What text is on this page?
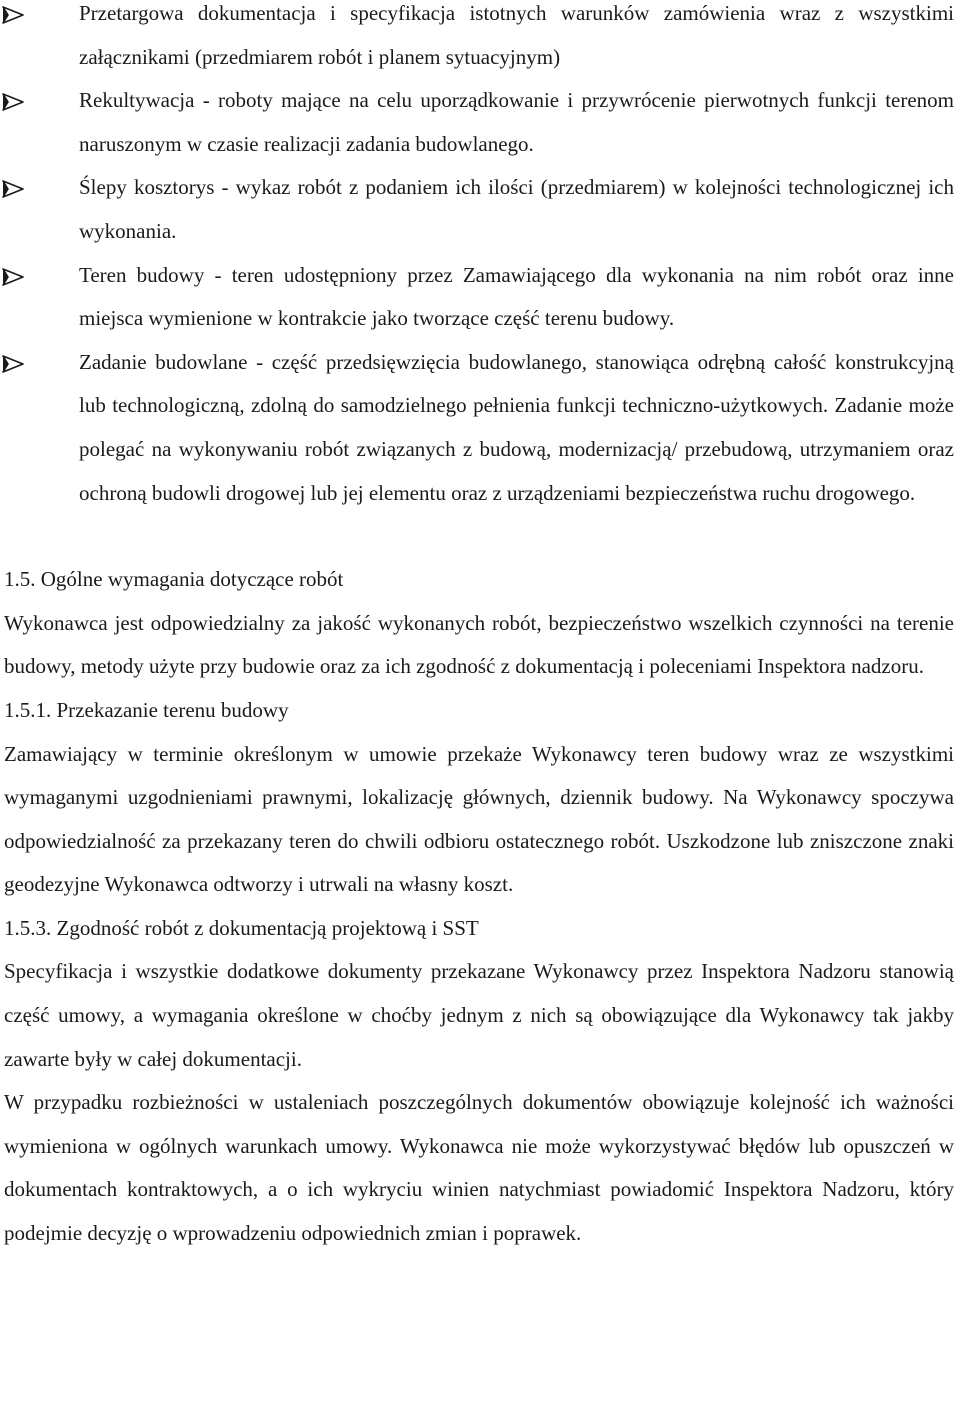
Przetargowa dokumentacja i specyfikacja istotnych warunków zamówienia wraz z wszystkimi załącznikami (przedmiarem robót i planem sytuacyjnym)
Rekultywacja - roboty mające na celu uporządkowanie i przywrócenie pierwotnych funkcji terenom naruszonym w czasie realizacji zadania budowlanego.
Ślepy kosztorys - wykaz robót z podaniem ich ilości (przedmiarem) w kolejności technologicznej ich wykonania.
Teren budowy - teren udostępniony przez Zamawiającego dla wykonania na nim robót oraz inne miejsca wymienione w kontrakcie jako tworzące część terenu budowy.
Zadanie budowlane - część przedsięwzięcia budowlanego, stanowiąca odrębną całość konstrukcyjną lub technologiczną, zdolną do samodzielnego pełnienia funkcji techniczno-użytkowych. Zadanie może polegać na wykonywaniu robót związanych z budową, modernizacją/ przebudową, utrzymaniem oraz ochroną budowli drogowej lub jej elementu oraz z urządzeniami bezpieczeństwa ruchu drogowego.
1.5. Ogólne wymagania dotyczące robót
Wykonawca jest odpowiedzialny za jakość wykonanych robót, bezpieczeństwo wszelkich czynności na terenie budowy, metody użyte przy budowie oraz za ich zgodność z dokumentacją i poleceniami Inspektora nadzoru.
1.5.1. Przekazanie terenu budowy
Zamawiający w terminie określonym w umowie przekaże Wykonawcy teren budowy wraz ze wszystkimi wymaganymi uzgodnieniami prawnymi, lokalizację głównych, dziennik budowy. Na Wykonawcy spoczywa odpowiedzialność za przekazany teren do chwili odbioru ostatecznego robót. Uszkodzone lub zniszczone znaki geodezyjne Wykonawca odtworzy i utrwali na własny koszt.
1.5.3. Zgodność robót z dokumentacją projektową i SST
Specyfikacja i wszystkie dodatkowe dokumenty przekazane Wykonawcy przez Inspektora Nadzoru stanowią część umowy, a wymagania określone w choćby jednym z nich są obowiązujące dla Wykonawcy tak jakby zawarte były w całej dokumentacji.
W przypadku rozbieżności w ustaleniach poszczególnych dokumentów obowiązuje kolejność ich ważności wymieniona w ogólnych warunkach umowy. Wykonawca nie może wykorzystywać błędów lub opuszczeń w dokumentach kontraktowych, a o ich wykryciu winien natychmiast powiadomić Inspektora Nadzoru, który podejmie decyzję o wprowadzeniu odpowiednich zmian i poprawek.
